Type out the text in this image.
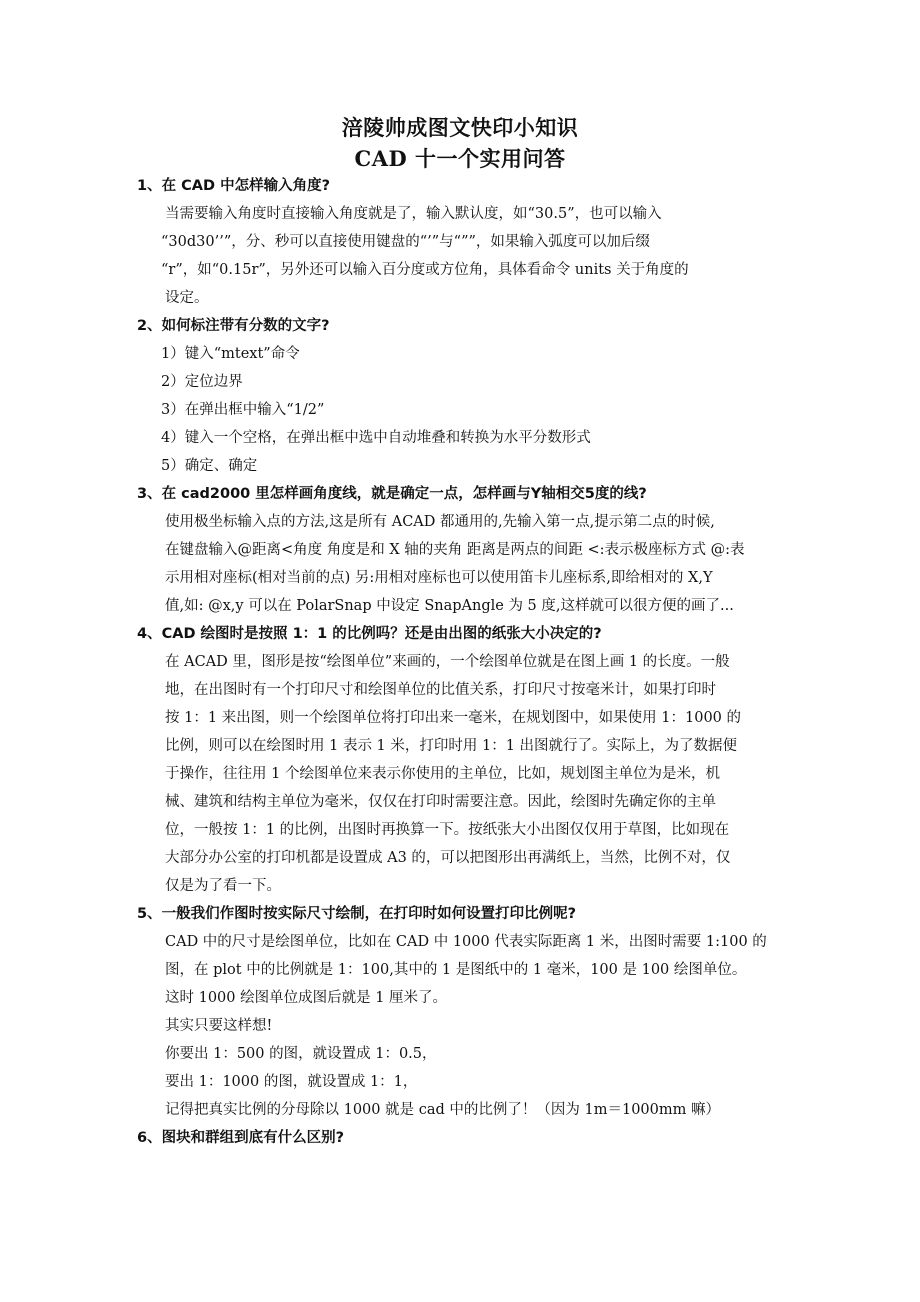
涪陵帅成图文快印小知识

CAD 十一个实用问答

1、在 CAD 中怎样输入角度?

当需要输入角度时直接输入角度就是了，输入默认度，如“30.5”，也可以输入
“30d30’’”，分、秒可以直接使用键盘的“’”与“””，如果输入弧度可以加后缀
“r”，如“0.15r”，另外还可以输入百分度或方位角，具体看命令 units 关于角度的
设定。

2、如何标注带有分数的文字?

1）键入“mtext”命令
2）定位边界
3）在弹出框中输入“1/2”
4）键入一个空格，在弹出框中选中自动堆叠和转换为水平分数形式
5）确定、确定

3、在 cad2000 里怎样画角度线，就是确定一点，怎样画与Y轴相交5度的线?

使用极坐标输入点的方法,这是所有 ACAD 都通用的,先输入第一点,提示第二点的时候,
在键盘输入@距离<角度 角度是和 X 轴的夹角 距离是两点的间距 <:表示极座标方式 @:表
示用相对座标(相对当前的点) 另:用相对座标也可以使用笛卡儿座标系,即给相对的 X,Y
值,如: @x,y 可以在 PolarSnap 中设定 SnapAngle 为 5 度,这样就可以很方便的画了...

4、CAD 绘图时是按照 1：1 的比例吗？还是由出图的纸张大小决定的?

在 ACAD 里，图形是按“绘图单位”来画的，一个绘图单位就是在图上画 1 的长度。一般
地，在出图时有一个打印尺寸和绘图单位的比值关系，打印尺寸按毫米计，如果打印时
按 1：1 来出图，则一个绘图单位将打印出来一毫米，在规划图中，如果使用 1：1000 的
比例，则可以在绘图时用 1 表示 1 米，打印时用 1：1 出图就行了。实际上，为了数据便
于操作，往往用 1 个绘图单位来表示你使用的主单位，比如，规划图主单位为是米，机
械、建筑和结构主单位为毫米，仅仅在打印时需要注意。因此，绘图时先确定你的主单
位，一般按 1：1 的比例，出图时再换算一下。按纸张大小出图仅仅用于草图，比如现在
大部分办公室的打印机都是设置成 A3 的，可以把图形出再满纸上，当然，比例不对，仅
仅是为了看一下。

5、一般我们作图时按实际尺寸绘制，在打印时如何设置打印比例呢?

CAD 中的尺寸是绘图单位，比如在 CAD 中 1000 代表实际距离 1 米，出图时需要 1:100 的
图，在 plot 中的比例就是 1：100,其中的 1 是图纸中的 1 毫米，100 是 100 绘图单位。
这时 1000 绘图单位成图后就是 1 厘米了。
其实只要这样想!
你要出 1：500 的图，就设置成 1：0.5，
要出 1：1000 的图，就设置成 1：1，
记得把真实比例的分母除以 1000 就是 cad 中的比例了！（因为 1m＝1000mm 嘛）

6、图块和群组到底有什么区别?
